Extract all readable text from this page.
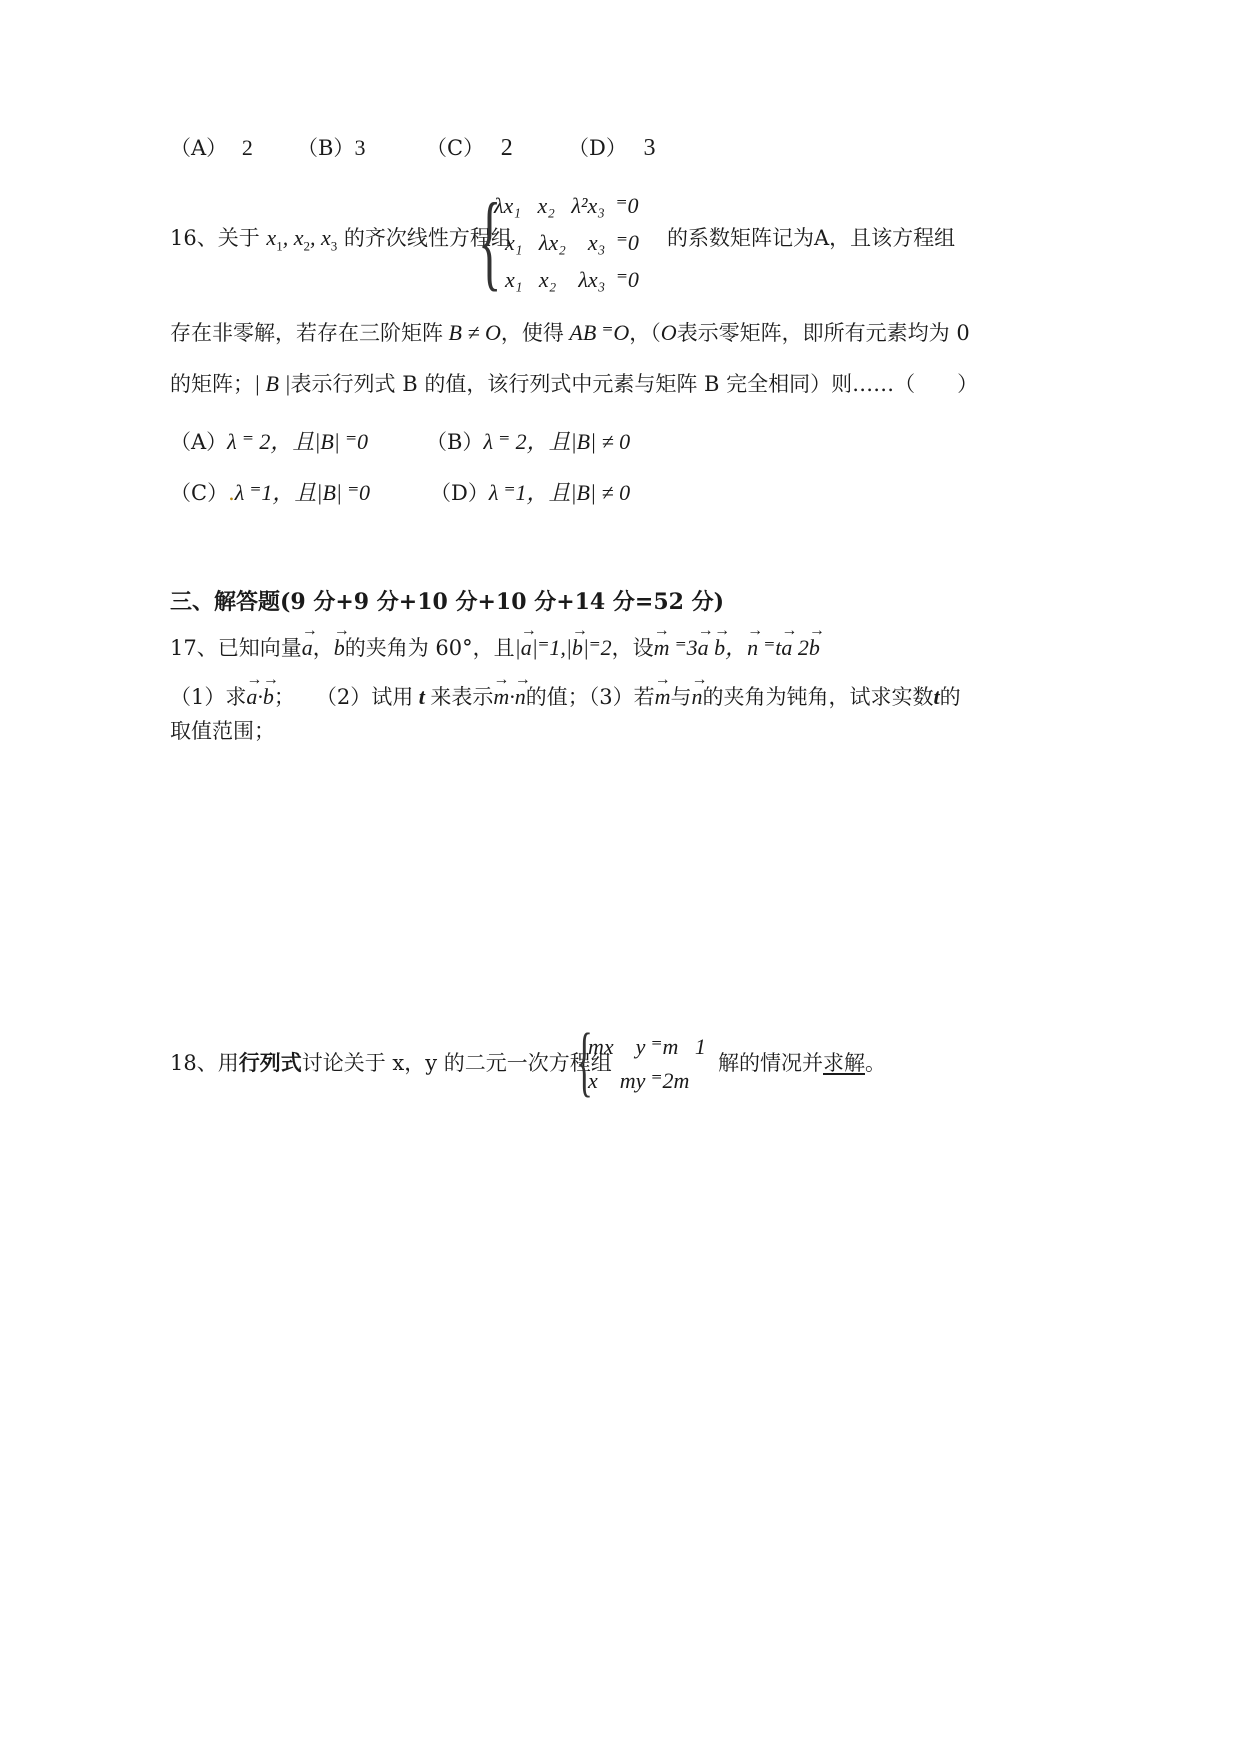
（A） 2 （B）3	（C） 2	（D） 3
16、关于 $x_1$, $x_2$, $x_3$ 的齐次线性方程组
{
λx₁   x₂   λ²x₃  ⁼0
x₁   λx₂    x₃  ⁼0
x₁   x₂    λx₃  ⁼0
的系数矩阵记为A，且该方程组
存在非零解，若存在三阶矩阵 B ≠ O，使得 AB ⁼O，（O表示零矩阵，即所有元素均为 0
的矩阵；| B |表示行列式 B 的值，该行列式中元素与矩阵 B 完全相同）则……（　　）
（A）λ ⁼ 2，且|B| ⁼0	（B）λ ⁼ 2，且|B| ≠ 0
（C）.λ ⁼1，且|B| ⁼0	（D）λ ⁼1，且|B| ≠ 0
三、解答题(9 分+9 分+10 分+10 分+14 分=52 分)
17、已知向量→ a，→ b的夹角为 60°，且|→ a|⁼1,|→ b|⁼2，设→ m ⁼3→ a → b，→ n ⁼t→ a 2→ b
（1）求→ a·→ b；　　（2）试用 t 来表示→ m·→ n的值；（3）若→ m与→ n的夹角为钝角，试求实数t的
取值范围；
18、用行列式讨论关于 x，y 的二元一次方程组
{
mx    y ⁼m   1
x    my ⁼2m
解的情况并求解。
